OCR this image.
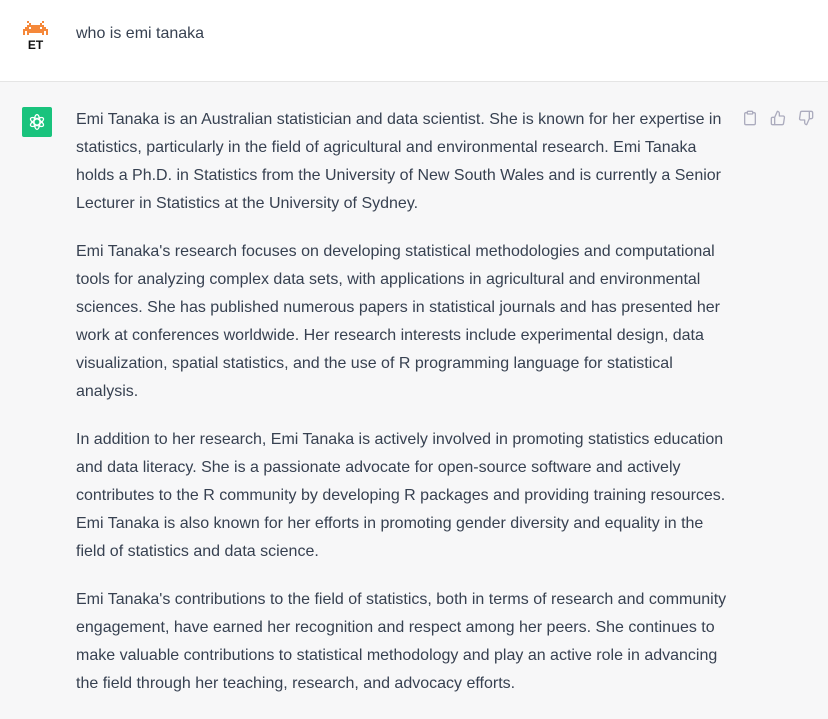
ET
who is emi tanaka

Emi Tanaka is an Australian statistician and data scientist. She is known for her expertise in statistics, particularly in the field of agricultural and environmental research. Emi Tanaka holds a Ph.D. in Statistics from the University of New South Wales and is currently a Senior Lecturer in Statistics at the University of Sydney.

Emi Tanaka's research focuses on developing statistical methodologies and computational tools for analyzing complex data sets, with applications in agricultural and environmental sciences. She has published numerous papers in statistical journals and has presented her work at conferences worldwide. Her research interests include experimental design, data visualization, spatial statistics, and the use of R programming language for statistical analysis.

In addition to her research, Emi Tanaka is actively involved in promoting statistics education and data literacy. She is a passionate advocate for open-source software and actively contributes to the R community by developing R packages and providing training resources. Emi Tanaka is also known for her efforts in promoting gender diversity and equality in the field of statistics and data science.

Emi Tanaka's contributions to the field of statistics, both in terms of research and community engagement, have earned her recognition and respect among her peers. She continues to make valuable contributions to statistical methodology and play an active role in advancing the field through her teaching, research, and advocacy efforts.
